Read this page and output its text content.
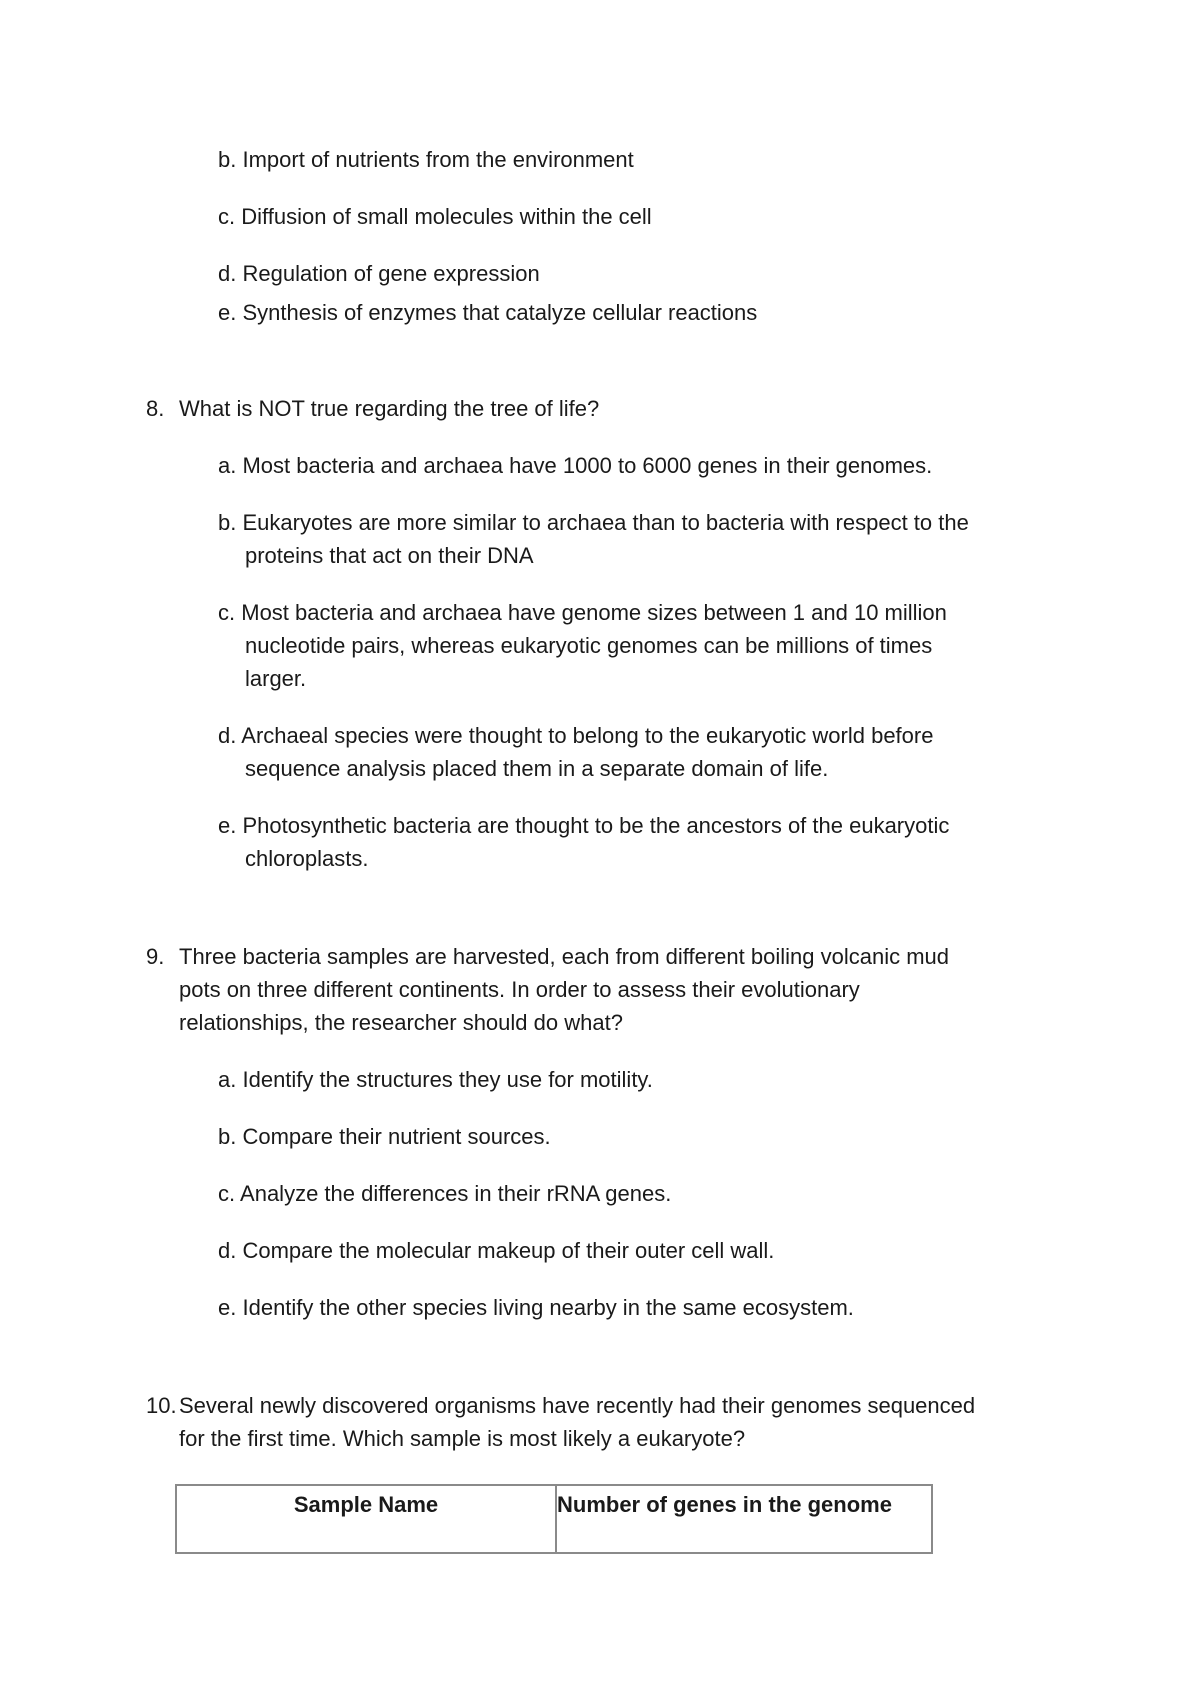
b. Import of nutrients from the environment
c. Diffusion of small molecules within the cell
d. Regulation of gene expression
e. Synthesis of enzymes that catalyze cellular reactions
8. What is NOT true regarding the tree of life?
a. Most bacteria and archaea have 1000 to 6000 genes in their genomes.
b. Eukaryotes are more similar to archaea than to bacteria with respect to the
proteins that act on their DNA
c. Most bacteria and archaea have genome sizes between 1 and 10 million
nucleotide pairs, whereas eukaryotic genomes can be millions of times
larger.
d. Archaeal species were thought to belong to the eukaryotic world before
sequence analysis placed them in a separate domain of life.
e. Photosynthetic bacteria are thought to be the ancestors of the eukaryotic
chloroplasts.
9. Three bacteria samples are harvested, each from different boiling volcanic mud
pots on three different continents. In order to assess their evolutionary
relationships, the researcher should do what?
a. Identify the structures they use for motility.
b. Compare their nutrient sources.
c. Analyze the differences in their rRNA genes.
d. Compare the molecular makeup of their outer cell wall.
e. Identify the other species living nearby in the same ecosystem.
10. Several newly discovered organisms have recently had their genomes sequenced
for the first time. Which sample is most likely a eukaryote?
Sample Name	Number of genes in the genome
